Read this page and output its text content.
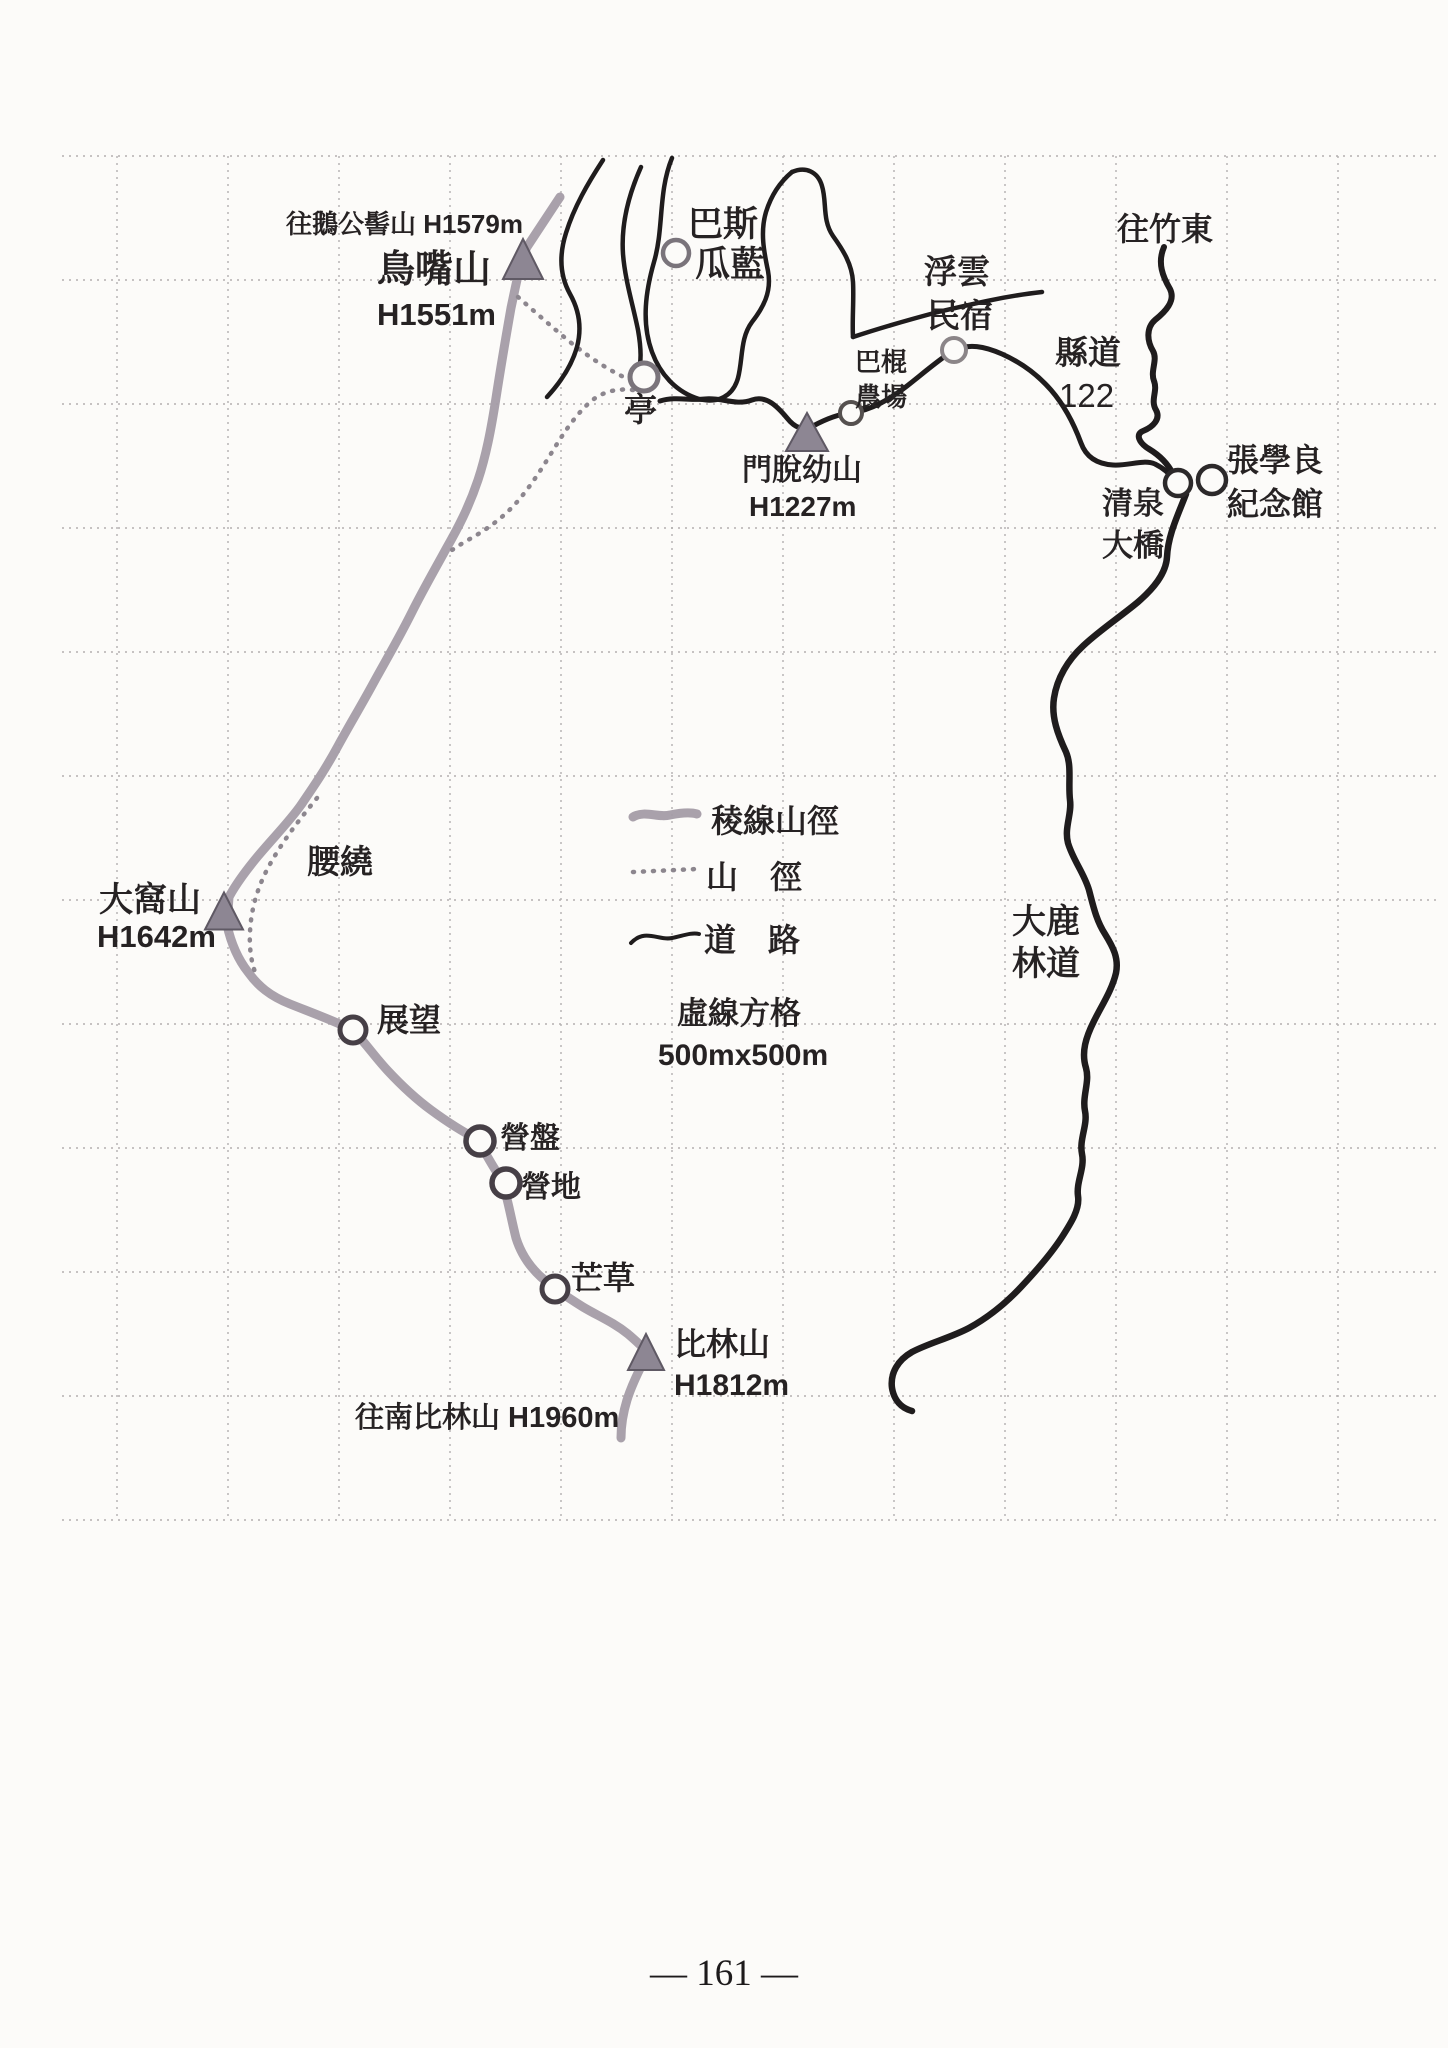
往鵝公髻山 H1579m
鳥嘴山
H1551m
巴斯
瓜藍	浮雲
民宿
往竹東
縣道
122
清泉
大橋
張學良
紀念館
亭
巴棍
農場
門脫幼山
H1227m
大窩山
H1642m
腰繞
展望
營盤
營地
芒草
比林山
H1812m
往南比林山 H1960m
大鹿
林道
稜線山徑
山　徑
道　路
虛線方格
500mx500m
— 161 —
